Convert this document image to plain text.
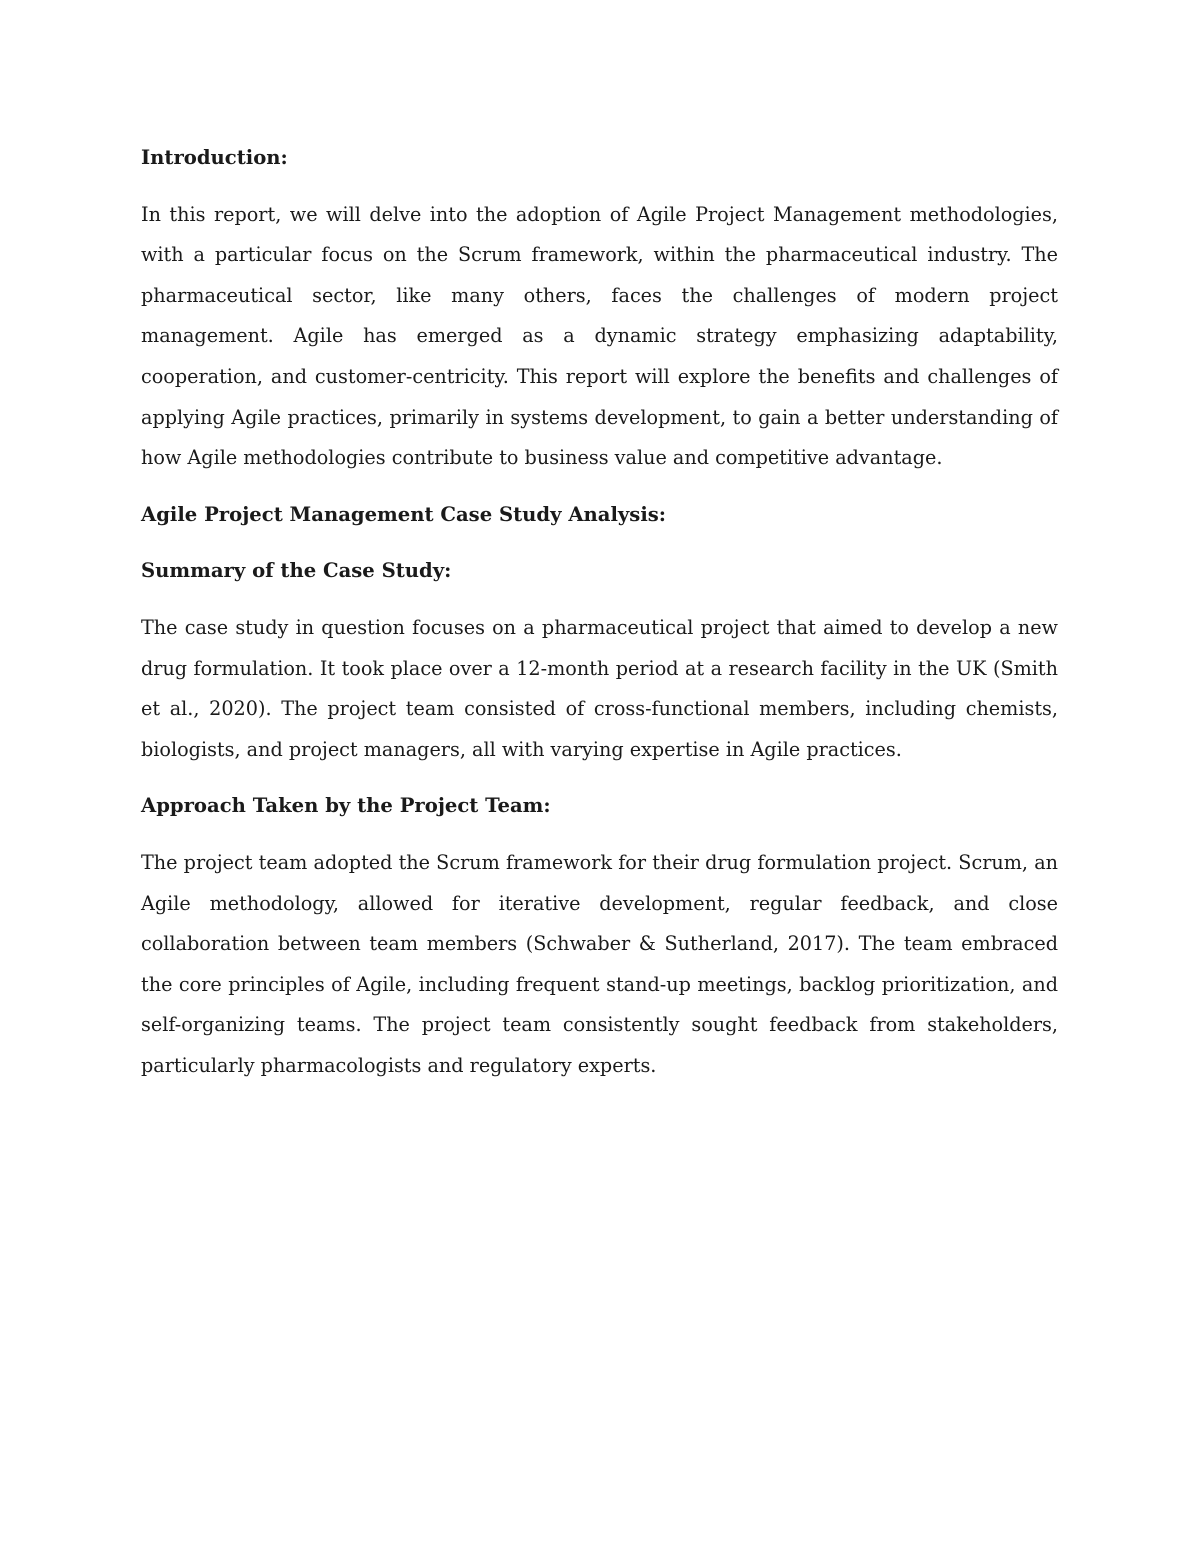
Introduction:

In this report, we will delve into the adoption of Agile Project Management methodologies, with a particular focus on the Scrum framework, within the pharmaceutical industry. The pharmaceutical sector, like many others, faces the challenges of modern project management. Agile has emerged as a dynamic strategy emphasizing adaptability, cooperation, and customer-centricity. This report will explore the benefits and challenges of applying Agile practices, primarily in systems development, to gain a better understanding of how Agile methodologies contribute to business value and competitive advantage.

Agile Project Management Case Study Analysis:

Summary of the Case Study:

The case study in question focuses on a pharmaceutical project that aimed to develop a new drug formulation. It took place over a 12-month period at a research facility in the UK (Smith et al., 2020). The project team consisted of cross-functional members, including chemists, biologists, and project managers, all with varying expertise in Agile practices.

Approach Taken by the Project Team:

The project team adopted the Scrum framework for their drug formulation project. Scrum, an Agile methodology, allowed for iterative development, regular feedback, and close collaboration between team members (Schwaber & Sutherland, 2017). The team embraced the core principles of Agile, including frequent stand-up meetings, backlog prioritization, and self-organizing teams. The project team consistently sought feedback from stakeholders, particularly pharmacologists and regulatory experts.
